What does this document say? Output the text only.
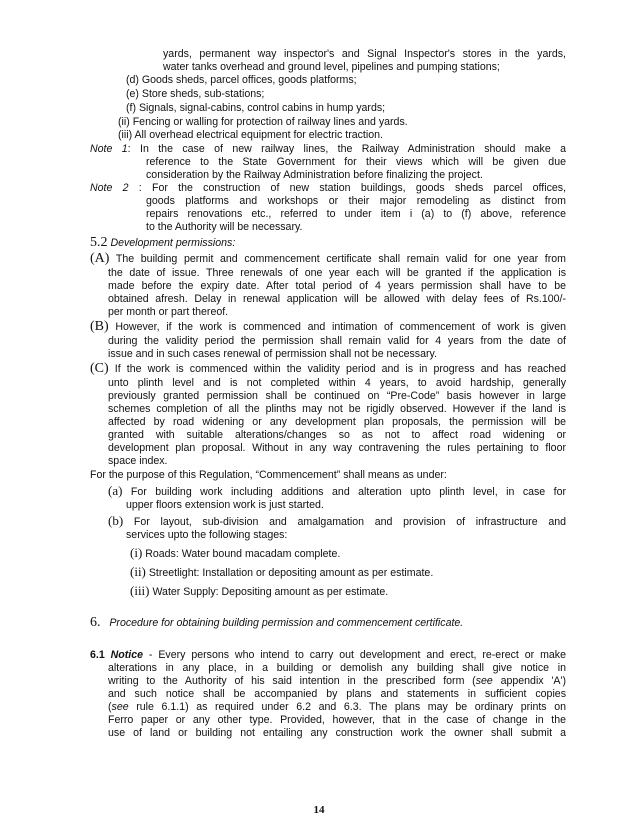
yards, permanent way inspector's and Signal Inspector's stores in the yards,
water tanks overhead and ground level, pipelines and pumping stations;
(d) Goods sheds, parcel offices, goods platforms;
(e) Store sheds, sub-stations;
(f) Signals, signal-cabins, control cabins in hump yards;
(ii) Fencing or walling for protection of railway lines and yards.
(iii) All overhead electrical equipment for electric traction.
Note 1: In the case of new railway lines, the Railway Administration should make a
reference to the State Government for their views which will be given due
consideration by the Railway Administration before finalizing the project.
Note 2 : For the construction of new station buildings, goods sheds parcel offices,
goods platforms and workshops or their major remodeling as distinct from
repairs renovations etc., referred to under item i (a) to (f) above, reference
to the Authority will be necessary.
5.2 Development permissions:
(A) The building permit and commencement certificate shall remain valid for one year from
the date of issue. Three renewals of one year each will be granted if the application is
made before the expiry date. After total period of 4 years permission shall have to be
obtained afresh. Delay in renewal application will be allowed with delay fees of Rs.100/-
per month or part thereof.
(B) However, if the work is commenced and intimation of commencement of work is given
during the validity period the permission shall remain valid for 4 years from the date of
issue and in such cases renewal of permission shall not be necessary.
(C) If the work is commenced within the validity period and is in progress and has reached
unto plinth level and is not completed within 4 years, to avoid hardship, generally
previously granted permission shall be continued on “Pre-Code” basis however in large
schemes completion of all the plinths may not be rigidly observed. However if the land is
affected by road widening or any development plan proposals, the permission will be
granted with suitable alterations/changes so as not to affect road widening or
development plan proposal. Without in any way contravening the rules pertaining to floor
space index.
For the purpose of this Regulation, “Commencement” shall means as under:
(a) For building work including additions and alteration upto plinth level, in case for
upper floors extension work is just started.
(b) For layout, sub-division and amalgamation and provision of infrastructure and
services upto the following stages:
(i) Roads: Water bound macadam complete.
(ii) Streetlight: Installation or depositing amount as per estimate.
(iii) Water Supply: Depositing amount as per estimate.
6. Procedure for obtaining building permission and commencement certificate.
6.1 Notice - Every persons who intend to carry out development and erect, re-erect or make
alterations in any place, in a building or demolish any building shall give notice in
writing to the Authority of his said intention in the prescribed form (see appendix 'A')
and such notice shall be accompanied by plans and statements in sufficient copies
(see rule 6.1.1) as required under 6.2 and 6.3. The plans may be ordinary prints on
Ferro paper or any other type. Provided, however, that in the case of change in the
use of land or building not entailing any construction work the owner shall submit a
14
